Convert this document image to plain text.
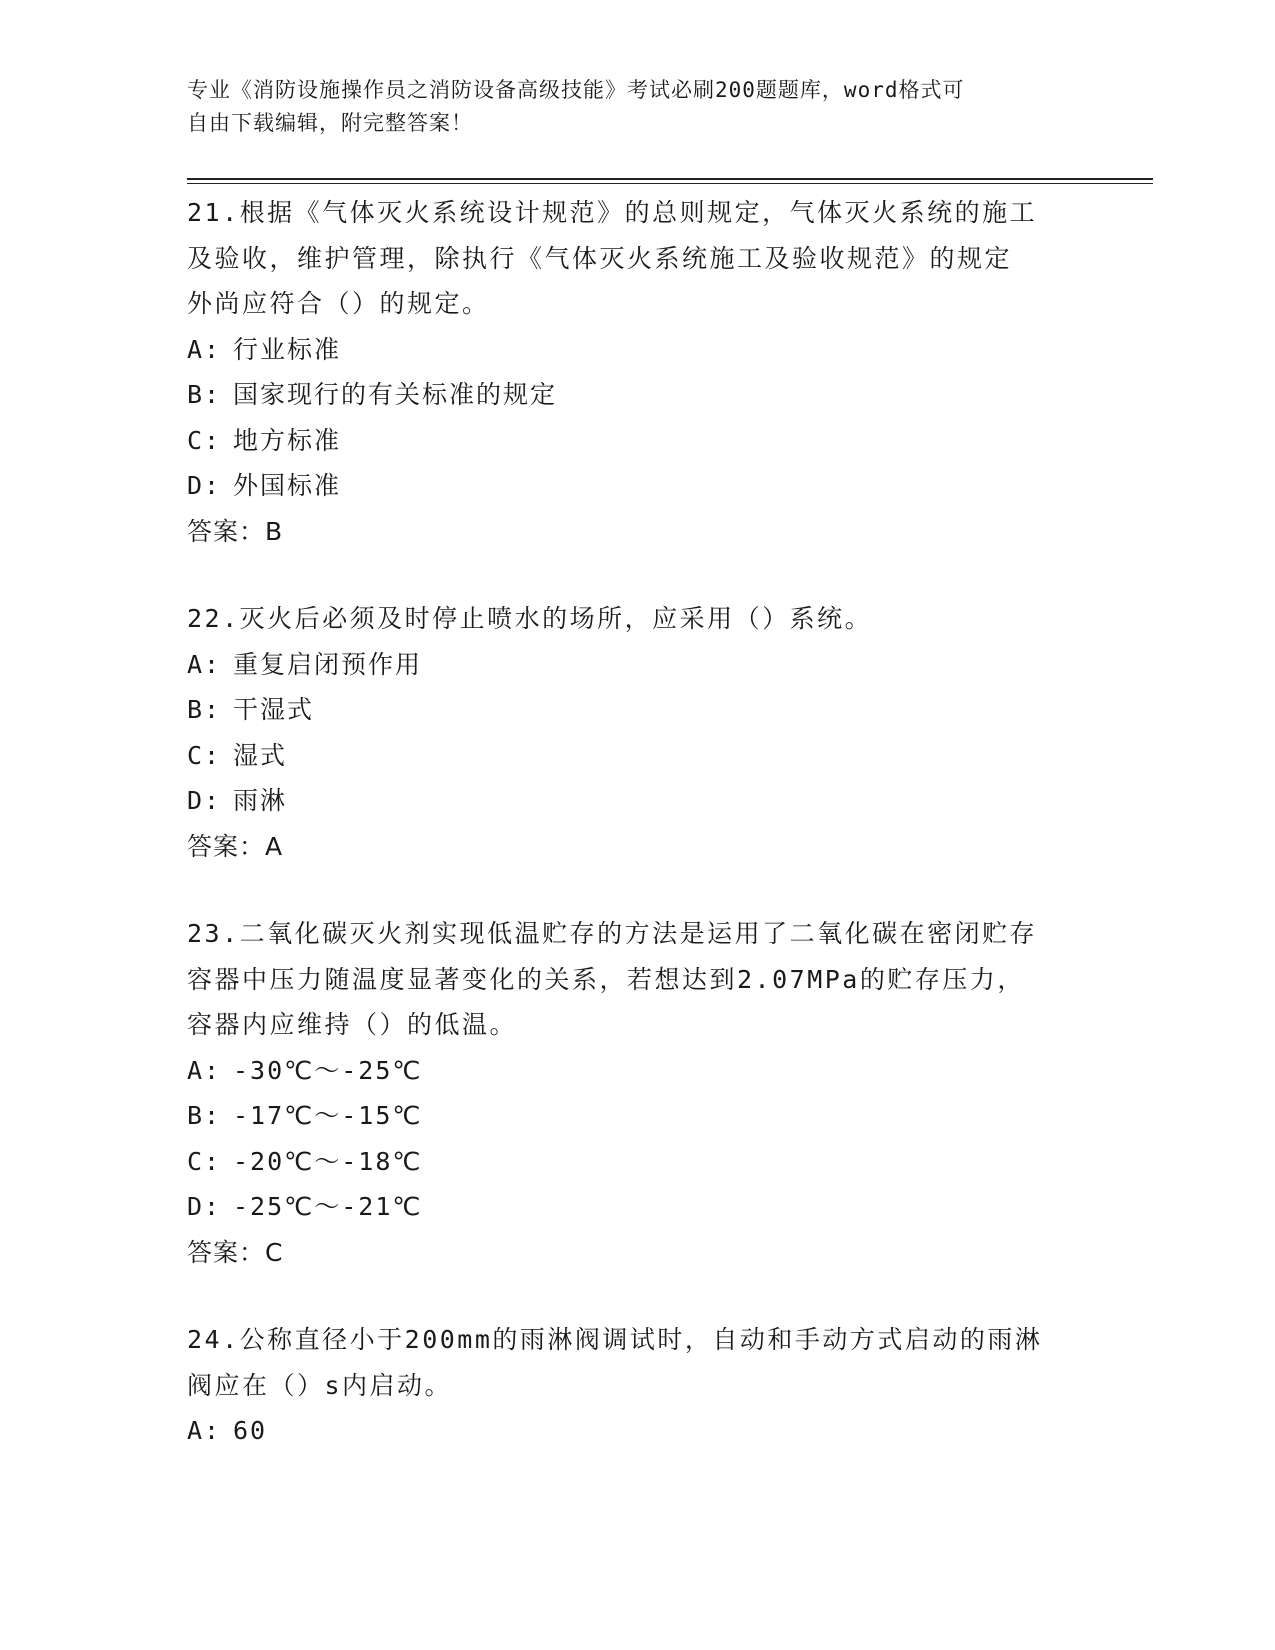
专业《消防设施操作员之消防设备高级技能》考试必刷200题题库，word格式可
自由下载编辑，附完整答案！

21.根据《气体灭火系统设计规范》的总则规定，气体灭火系统的施工

及验收，维护管理，除执行《气体灭火系统施工及验收规范》的规定

外尚应符合（）的规定。

A: 行业标准

B: 国家现行的有关标准的规定

C: 地方标准

D: 外国标准

答案：B

22.灭火后必须及时停止喷水的场所，应采用（）系统。

A: 重复启闭预作用

B: 干湿式

C: 湿式

D: 雨淋

答案：A

23.二氧化碳灭火剂实现低温贮存的方法是运用了二氧化碳在密闭贮存

容器中压力随温度显著变化的关系，若想达到2.07MPa的贮存压力，

容器内应维持（）的低温。

A: -30℃～-25℃

B: -17℃～-15℃

C: -20℃～-18℃

D: -25℃～-21℃

答案：C

24.公称直径小于200mm的雨淋阀调试时，自动和手动方式启动的雨淋

阀应在（）s内启动。

A: 60
